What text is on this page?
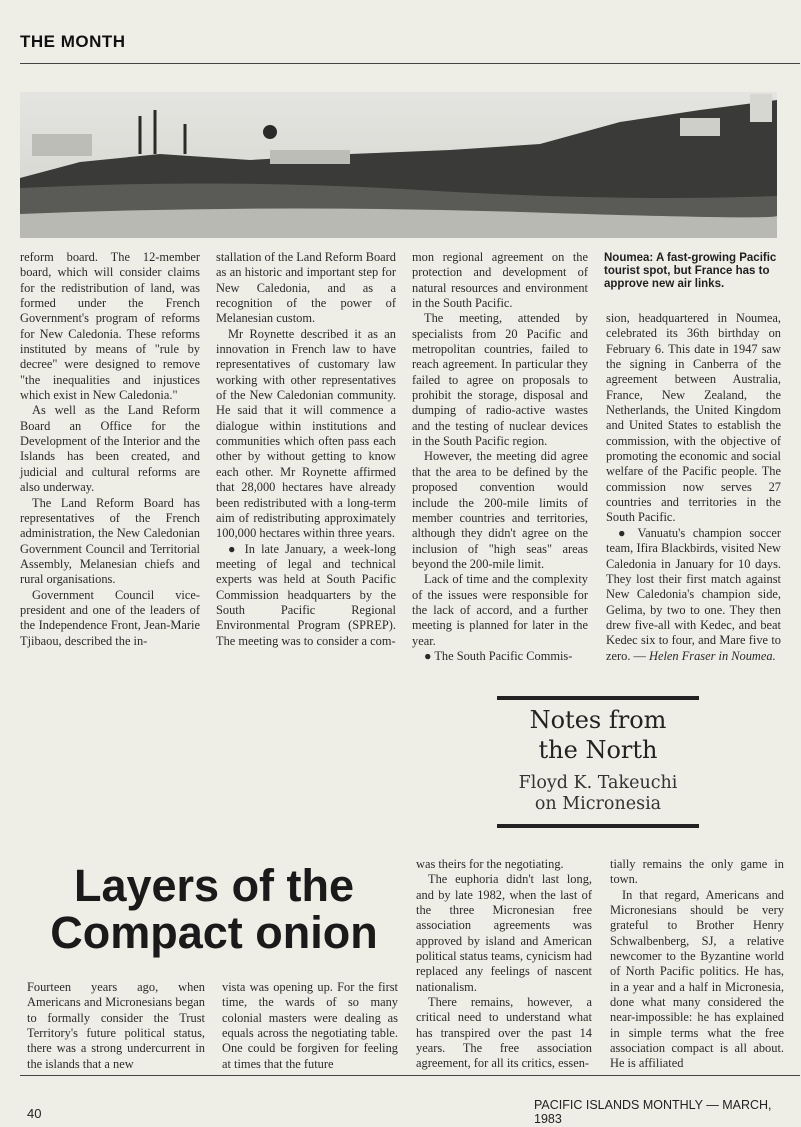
THE MONTH

reform board. The 12-member board, which will consider claims for the redistribution of land, was formed under the French Government's program of reforms for New Caledonia. These reforms instituted by means of "rule by decree" were designed to remove "the inequalities and injustices which exist in New Caledonia."

As well as the Land Reform Board an Office for the Development of the Interior and the Islands has been created, and judicial and cultural reforms are also underway.

The Land Reform Board has representatives of the French administration, the New Caledonian Government Council and Territorial Assembly, Melanesian chiefs and rural organisations.

Government Council vice-president and one of the leaders of the Independence Front, Jean-Marie Tjibaou, described the in-

stallation of the Land Reform Board as an historic and important step for New Caledonia, and as a recognition of the power of Melanesian custom.

Mr Roynette described it as an innovation in French law to have representatives of customary law working with other representatives of the New Caledonian community. He said that it will commence a dialogue within institutions and communities which often pass each other by without getting to know each other. Mr Roynette affirmed that 28,000 hectares have already been redistributed with a long-term aim of redistributing approximately 100,000 hectares within three years.

● In late January, a week-long meeting of legal and technical experts was held at South Pacific Commission headquarters by the South Pacific Regional Environmental Program (SPREP). The meeting was to consider a com-

mon regional agreement on the protection and development of natural resources and environment in the South Pacific.

The meeting, attended by specialists from 20 Pacific and metropolitan countries, failed to reach agreement. In particular they failed to agree on proposals to prohibit the storage, disposal and dumping of radio-active wastes and the testing of nuclear devices in the South Pacific region.

However, the meeting did agree that the area to be defined by the proposed convention would include the 200-mile limits of member countries and territories, although they didn't agree on the inclusion of "high seas" areas beyond the 200-mile limit.

Lack of time and the complexity of the issues were responsible for the lack of accord, and a further meeting is planned for later in the year.

● The South Pacific Commis-

Noumea: A fast-growing Pacific tourist spot, but France has to approve new air links.

sion, headquartered in Noumea, celebrated its 36th birthday on February 6. This date in 1947 saw the signing in Canberra of the agreement between Australia, France, New Zealand, the Netherlands, the United Kingdom and United States to establish the commission, with the objective of promoting the economic and social welfare of the Pacific people. The commission now serves 27 countries and territories in the South Pacific.

● Vanuatu's champion soccer team, Ifira Blackbirds, visited New Caledonia in January for 10 days. They lost their first match against New Caledonia's champion side, Gelima, by two to one. They then drew five-all with Kedec, and beat Kedec six to four, and Mare five to zero. — Helen Fraser in Noumea.

Notes from
the North
Floyd K. Takeuchi
on Micronesia
Layers of the
Compact onion

Fourteen years ago, when Americans and Micronesians began to formally consider the Trust Territory's future political status, there was a strong undercurrent in the islands that a new

vista was opening up. For the first time, the wards of so many colonial masters were dealing as equals across the negotiating table. One could be forgiven for feeling at times that the future

was theirs for the negotiating.

The euphoria didn't last long, and by late 1982, when the last of the three Micronesian free association agreements was approved by island and American political status teams, cynicism had replaced any feelings of nascent nationalism.

There remains, however, a critical need to understand what has transpired over the past 14 years. The free association agreement, for all its critics, essen-

tially remains the only game in town.

In that regard, Americans and Micronesians should be very grateful to Brother Henry Schwalbenberg, SJ, a relative newcomer to the Byzantine world of North Pacific politics. He has, in a year and a half in Micronesia, done what many considered the near-impossible: he has explained in simple terms what the free association compact is all about. He is affiliated

40
PACIFIC ISLANDS MONTHLY — MARCH, 1983
